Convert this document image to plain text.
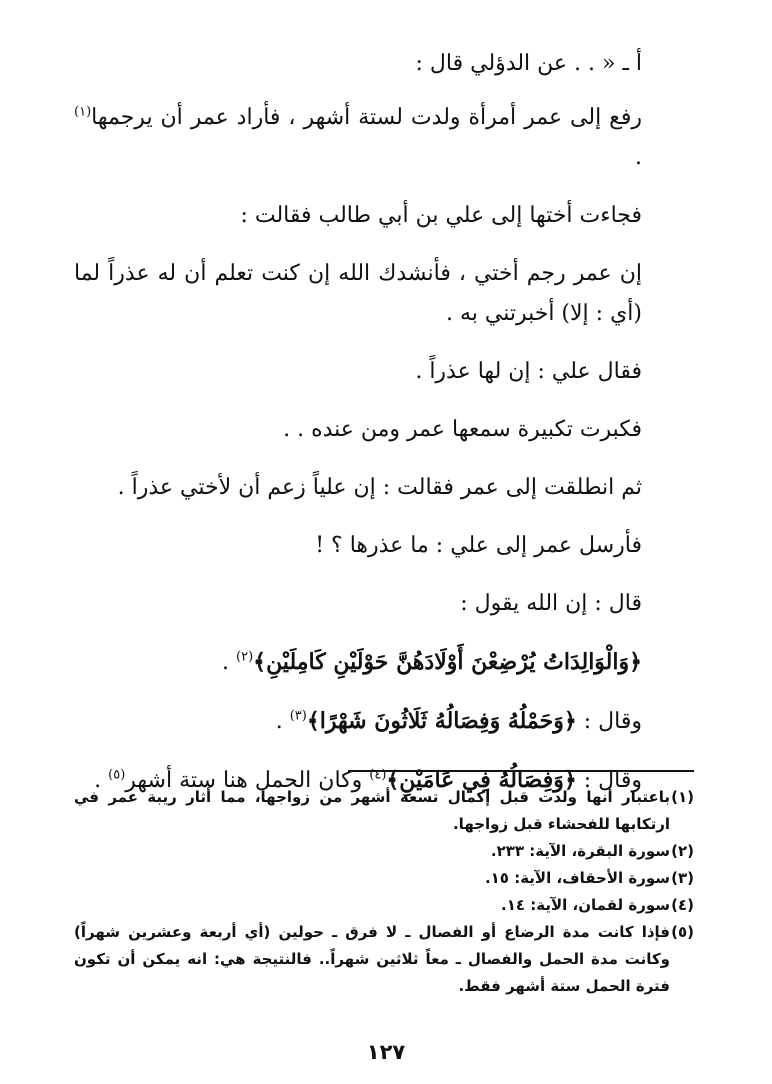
أ ـ « . . عن الدؤلي قال :

رفع إلى عمر أمرأة ولدت لستة أشهر ، فأراد عمر أن يرجمها$^{(١)}$ .

فجاءت أختها إلى علي بن أبي طالب فقالت :

إن عمر رجم أختي ، فأنشدك الله إن كنت تعلم أن له عذراً لما (أي : إلا) أخبرتني به .

فقال علي : إن لها عذراً .

فكبرت تكبيرة سمعها عمر ومن عنده . .

ثم انطلقت إلى عمر فقالت : إن علياً زعم أن لأختي عذراً .

فأرسل عمر إلى علي : ما عذرها ؟ !

قال : إن الله يقول :

﴿وَالْوَالِدَاتُ يُرْضِعْنَ أَوْلَادَهُنَّ حَوْلَيْنِ كَامِلَيْنِ﴾$^{(٢)}$ .

وقال : ﴿وَحَمْلُهُ وَفِصَالُهُ ثَلَاثُونَ شَهْرًا﴾$^{(٣)}$ .

وقال : ﴿وَفِصَالُهُ فِي عَامَيْنِ﴾$^{(٤)}$ وكان الحمل هنا ستة أشهر$^{(٥)}$ .

(١)
باعتبار أنها ولدت قبل إكمال تسعة أشهر من زواجها، مما أثار ريبة عمر في ارتكابها للفحشاء قبل زواجها.

(٢)
سورة البقرة، الآية: ٢٣٣.

(٣)
سورة الأحقاف، الآية: ١٥.

(٤)
سورة لقمان، الآية: ١٤.

(٥)
فإذا كانت مدة الرضاع أو الفصال ـ لا فرق ـ حولين (أي أربعة وعشرين شهراً) وكانت مدة الحمل والفصال ـ معاً ثلاثين شهراً.. فالنتيجة هي: انه يمكن أن تكون فترة الحمل ستة أشهر فقط.

١٢٧
